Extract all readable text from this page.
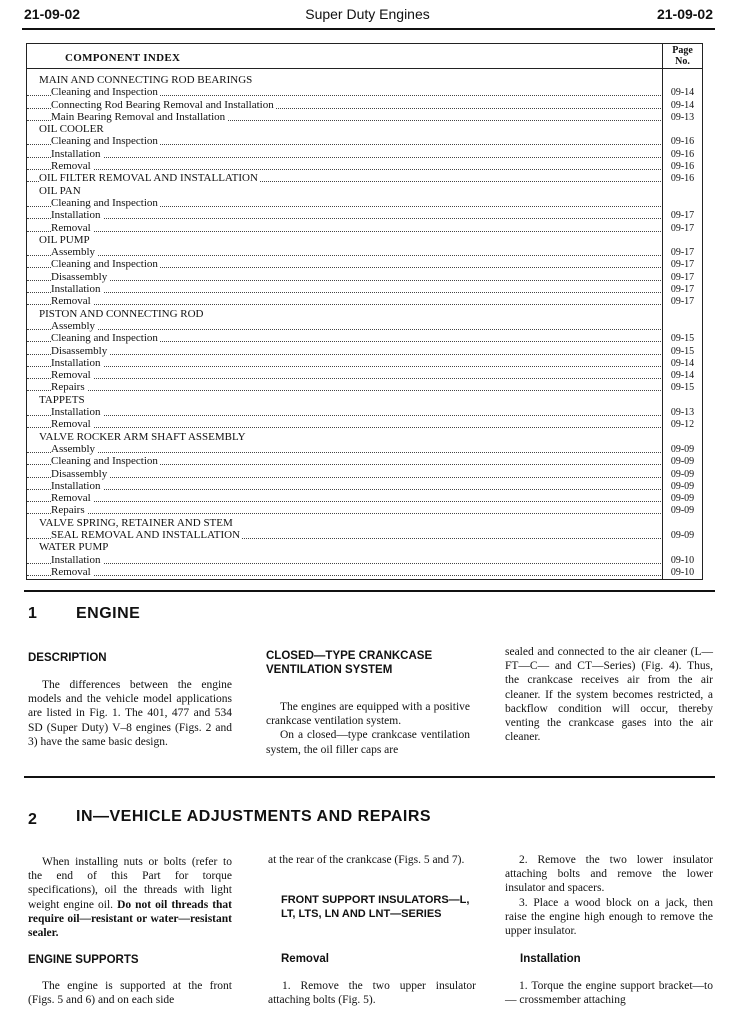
21-09-02	Super Duty Engines	21-09-02
COMPONENT INDEX
Page
No.
MAIN AND CONNECTING ROD BEARINGS
Cleaning and Inspection	09-14
Connecting Rod Bearing Removal and Installation	09-14
Main Bearing Removal and Installation	09-13
OIL COOLER
Cleaning and Inspection	09-16
Installation	09-16
Removal	09-16
OIL FILTER REMOVAL AND INSTALLATION	09-16
OIL PAN
Cleaning and Inspection
Installation	09-17
Removal	09-17
OIL PUMP
Assembly	09-17
Cleaning and Inspection	09-17
Disassembly	09-17
Installation	09-17
Removal	09-17
PISTON AND CONNECTING ROD
Assembly
Cleaning and Inspection	09-15
Disassembly	09-15
Installation	09-14
Removal	09-14
Repairs	09-15
TAPPETS
Installation	09-13
Removal	09-12
VALVE ROCKER ARM SHAFT ASSEMBLY
Assembly	09-09
Cleaning and Inspection	09-09
Disassembly	09-09
Installation	09-09
Removal	09-09
Repairs	09-09
VALVE SPRING, RETAINER AND STEM
SEAL REMOVAL AND INSTALLATION	09-09
WATER PUMP
Installation	09-10
Removal	09-10
1 ENGINE
DESCRIPTION

The differences between the engine models and the vehicle model applications are listed in Fig. 1. The 401, 477 and 534 SD (Super Duty) V–8 engines (Figs. 2 and 3) have the same basic design.

CLOSED—TYPE CRANKCASE
VENTILATION SYSTEM

The engines are equipped with a positive crankcase ventilation system.

On a closed—type crankcase ventilation system, the oil filler caps are

sealed and connected to the air cleaner (L—FT—C— and CT—Series) (Fig. 4). Thus, the crankcase receives air from the air cleaner. If the system becomes restricted, a backflow condition will occur, thereby venting the crankcase gases into the air cleaner.

2 IN—VEHICLE ADJUSTMENTS AND REPAIRS

When installing nuts or bolts (refer to the end of this Part for torque specifications), oil the threads with light weight engine oil. Do not oil threads that require oil—resistant or water—resistant sealer.

ENGINE SUPPORTS

The engine is supported at the front (Figs. 5 and 6) and on each side

at the rear of the crankcase (Figs. 5 and 7).

FRONT SUPPORT INSULATORS—L, LT, LTS, LN AND LNT—SERIES
Removal

1. Remove the two upper insulator attaching bolts (Fig. 5).

2. Remove the two lower insulator attaching bolts and remove the lower insulator and spacers.

3. Place a wood block on a jack, then raise the engine high enough to remove the upper insulator.

Installation

1. Torque the engine support bracket—to— crossmember attaching
